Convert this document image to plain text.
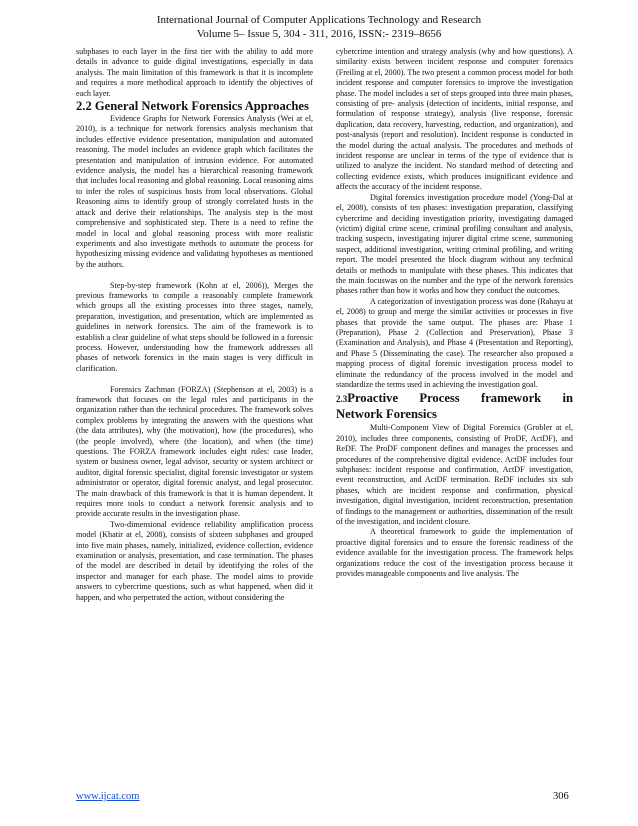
International Journal of Computer Applications Technology and Research
Volume 5– Issue 5, 304 - 311, 2016, ISSN:- 2319–8656

subphases to each layer in the first tier with the ability to add more details in advance to guide digital investigations, especially in data analysis. The main limitation of this framework is that it is incomplete and requires a more methodical approach to identify the objectives of each layer.

2.2 General Network Forensics Approaches

Evidence Graphs for Network Forensics Analysis (Wei at el, 2010), is a technique for network forensics analysis mechanism that includes effective evidence presentation, manipulation and automated reasoning. The model includes an evidence graph which facilitates the presentation and manipulation of intrusion evidence. For automated evidence analysis, the model has a hierarchical reasoning framework that includes local reasoning and global reasoning. Local reasoning aims to infer the roles of suspicious hosts from local observations. Global Reasoning aims to identify group of strongly correlated hosts in the attack and derive their relationships. The analysis step is the most comprehensive and sophisticated step. There is a need to refine the model in local and global reasoning process with more realistic experiments and also investigate methods to automate the process for hypothesizing missing evidence and validating hypotheses as mentioned by the authors.

Step-by-step framework (Kohn at el, 2006)), Merges the previous frameworks to compile a reasonably complete framework which groups all the existing processes into three stages, namely, preparation, investigation, and presentation, which are implemented as guidelines in network forensics. The aim of the framework is to establish a clear guideline of what steps should be followed in a forensic process. However, understanding how the framework addresses all phases of network forensics in the main stages is very difficult in clarification.

Forensics Zachman (FORZA) (Stephenson at el, 2003) is a framework that focuses on the legal rules and participants in the organization rather than the technical procedures. The framework solves complex problems by integrating the answers with the questions what (the data attributes), why (the motivation), how (the procedures), who (the people involved), where (the location), and when (the time) questions. The FORZA framework includes eight rules: case leader, system or business owner, legal advisor, security or system architect or auditor, digital forensic specialist, digital forensic investigator or system administrator or operator, digital forensic analyst, and legal prosecutor. The main drawback of this framework is that it is human dependent. It requires more tools to conduct a network forensic analysis and to provide accurate results in the investigation phase.

Two-dimensional evidence reliability amplification process model (Khatir at el, 2008), consists of sixteen subphases and grouped into five main phases, namely, initialized, evidence collection, evidence examination or analysis, presentation, and case termination. The phases of the model are described in detail by identifying the roles of the inspector and manager for each phase. The model aims to provide answers to cybercrime questions, such as what happened, when did it happen, and who perpetrated the action, without considering the

cybercrime intention and strategy analysis (why and how questions). A similarity exists between incident response and computer forensics (Freiling at el, 2000). The two present a common process model for both incident response and computer forensics to improve the investigation phase. The model includes a set of steps grouped into three main phases, consisting of pre- analysis (detection of incidents, initial response, and formulation of response strategy), analysis (live response, forensic duplication, data recovery, harvesting, reduction, and organization), and post-analysis (report and resolution). Incident response is conducted in the model during the actual analysis. The procedures and methods of incident response are unclear in terms of the type of evidence that is utilized to analyze the incident. No standard method of detecting and collecting evidence exists, which produces insignificant evidence and affects the accuracy of the incident response.

Digital forensics investigation procedure model (Yong-Dal at el, 2008), consists of ten phases: investigation preparation, classifying cybercrime and deciding investigation priority, investigating damaged (victim) digital crime scene, criminal profiling consultant and analysis, tracking suspects, investigating injurer digital crime scene, summoning suspect, additional investigation, writing criminal profiling, and writing report. The model presented the block diagram without any technical details or methods to manipulate with these phases. This indicates that the main focuswas on the number and the type of the network forensics phases rather than how it works and how they conduct the outcomes.

A categorization of investigation process was done (Rahayu at el, 2008) to group and merge the similar activities or processes in five phases that provide the same output. The phases are: Phase 1 (Preparation), Phase 2 (Collection and Preservation), Phase 3 (Examination and Analysis), and Phase 4 (Presentation and Reporting), and Phase 5 (Disseminating the case). The researcher also proposed a mapping process of digital forensic investigation process model to eliminate the redundancy of the process involved in the model and standardize the terms used in achieving the investigation goal.

2.3Proactive Process framework in
Network Forensics

Multi-Component View of Digital Forensics (Grobler at el, 2010), includes three components, consisting of ProDF, ActDF), and ReDF. The ProDF component defines and manages the processes and procedures of the comprehensive digital evidence. ActDF includes four subphases: incident response and confirmation, ActDF investigation, event reconstruction, and ActDF termination. ReDF includes six sub phases, which are incident response and confirmation, physical investigation, digital investigation, incident reconstruction, presentation of findings to the management or authorities, dissemination of the result of the investigation, and incident closure.

A theoretical framework to guide the implementation of proactive digital forensics and to ensure the forensic readiness of the evidence available for the investigation process. The framework helps organizations reduce the cost of the investigation process because it provides manageable components and live analysis. The

www.ijcat.com	306
